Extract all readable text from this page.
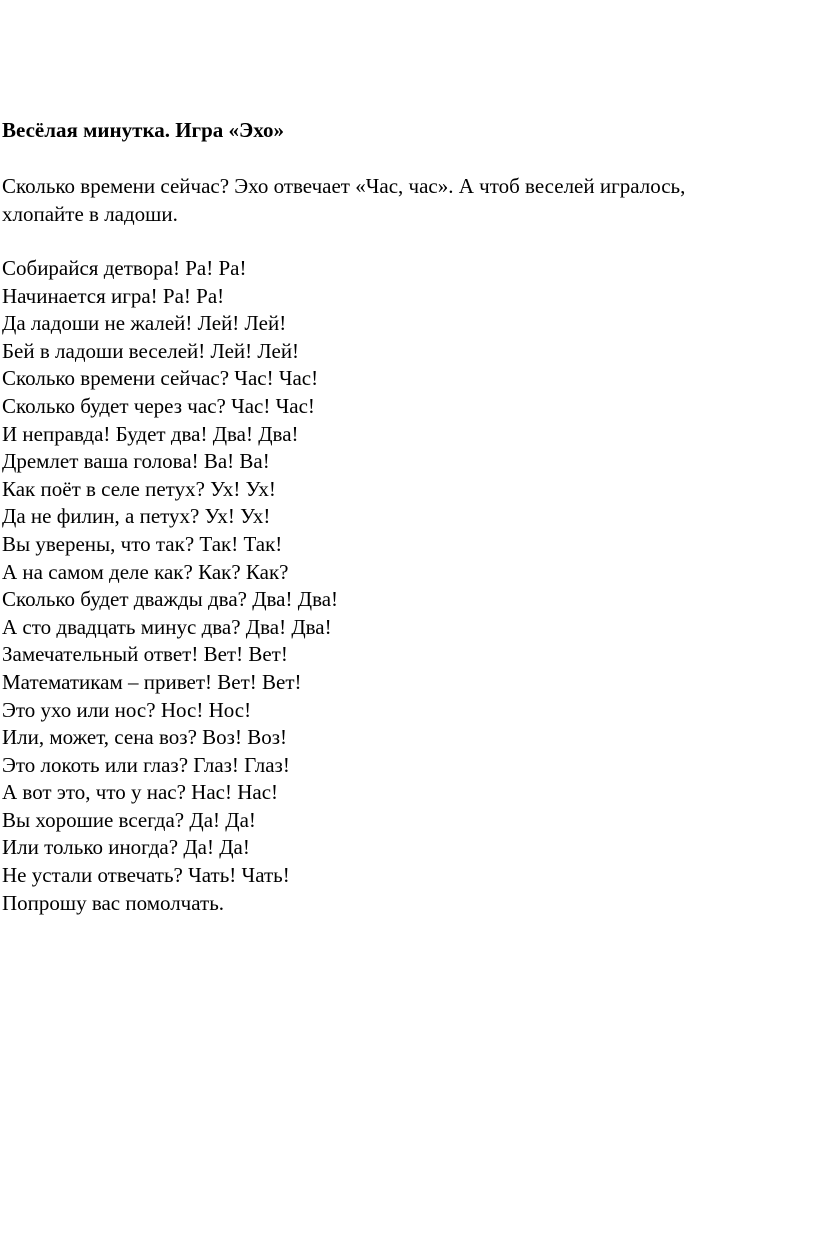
Весёлая минутка. Игра «Эхо»

Сколько времени сейчас? Эхо отвечает «Час, час». А чтоб веселей игралось,
хлопайте в ладоши.

Собирайся детвора! Ра! Ра!
Начинается игра! Ра! Ра!
Да ладоши не жалей! Лей! Лей!
Бей в ладоши веселей! Лей! Лей!
Сколько времени сейчас? Час! Час!
Сколько будет через час? Час! Час!
И неправда! Будет два! Два! Два!
Дремлет ваша голова! Ва! Ва!
Как поёт в селе петух? Ух! Ух!
Да не филин, а петух? Ух! Ух!
Вы уверены, что так? Так! Так!
А на самом деле как? Как? Как?
Сколько будет дважды два? Два! Два!
А сто двадцать минус два? Два! Два!
Замечательный ответ! Вет! Вет!
Математикам – привет! Вет! Вет!
Это ухо или нос? Нос! Нос!
Или, может, сена воз? Воз! Воз!
Это локоть или глаз? Глаз! Глаз!
А вот это, что у нас? Нас! Нас!
Вы хорошие всегда? Да! Да!
Или только иногда? Да! Да!
Не устали отвечать? Чать! Чать!
Попрошу вас помолчать.
